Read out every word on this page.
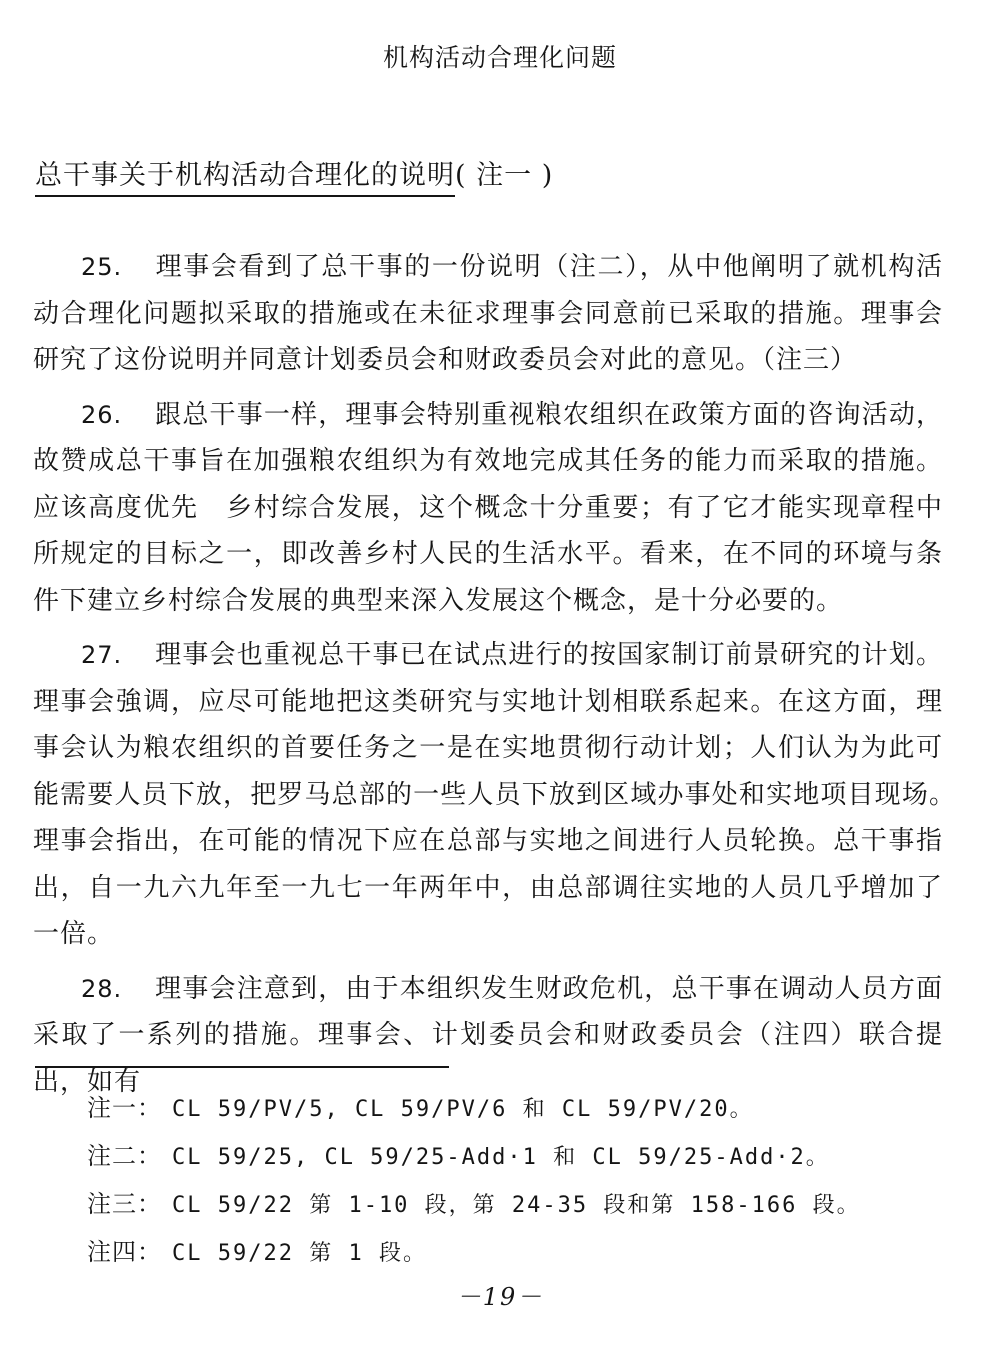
机构活动合理化问题
总干事关于机构活动合理化的说明( 注一 )

25. 理事会看到了总干事的一份说明（注二），从中他阐明了就机构活动合理化问题拟采取的措施或在未征求理事会同意前已采取的措施。理事会研究了这份说明并同意计划委员会和财政委员会对此的意见。（注三）

26. 跟总干事一样，理事会特别重视粮农组织在政策方面的咨询活动，故赞成总干事旨在加强粮农组织为有效地完成其任务的能力而采取的措施。应该高度优先　乡村综合发展，这个概念十分重要；有了它才能实现章程中所规定的目标之一，即改善乡村人民的生活水平。看来，在不同的环境与条件下建立乡村综合发展的典型来深入发展这个概念，是十分必要的。

27. 理事会也重视总干事已在试点进行的按国家制订前景研究的计划。理事会強调，应尽可能地把这类研究与实地计划相联系起来。在这方面，理事会认为粮农组织的首要任务之一是在实地贯彻行动计划；人们认为为此可能需要人员下放，把罗马总部的一些人员下放到区域办事处和实地项目现场。　理事会指出，在可能的情况下应在总部与实地之间进行人员轮换。总干事指出，自一九六九年至一九七一年两年中，由总部调往实地的人员几乎增加了一倍。

28. 理事会注意到，由于本组织发生财政危机，总干事在调动人员方面采取了一系列的措施。理事会、计划委员会和财政委员会（注四）联合提出，如有

注一： CL 59/PV/5, CL 59/PV/6 和 CL 59/PV/20。
注二： CL 59/25, CL 59/25-Add·1 和 CL 59/25-Add·2。
注三： CL 59/22 第 1-10 段，第 24-35 段和第 158-166 段。
注四： CL 59/22 第 1 段。
－19－
